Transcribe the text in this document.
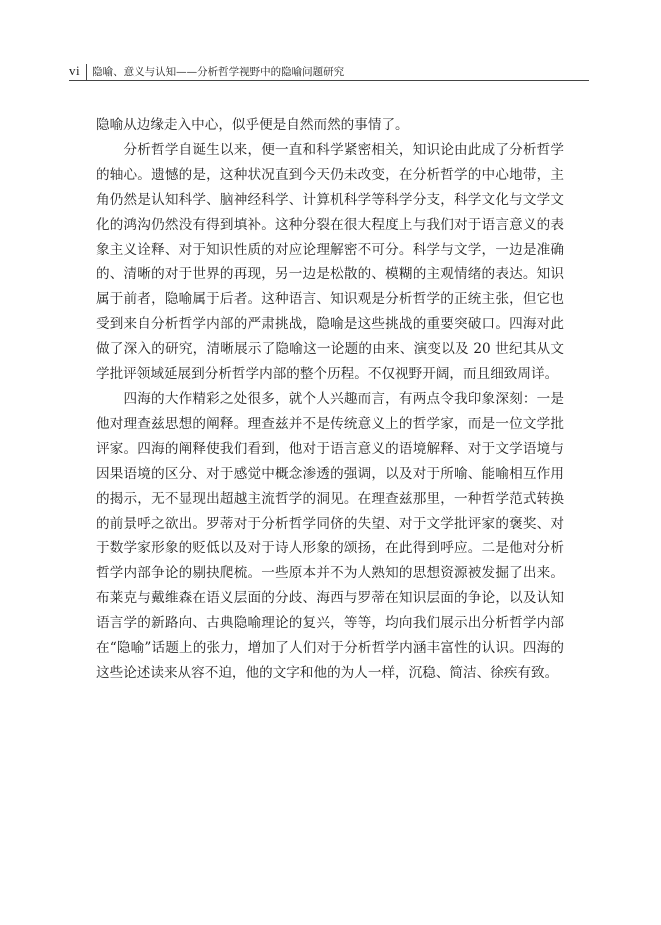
vi	隐喻、意义与认知——分析哲学视野中的隐喻问题研究

隐喻从边缘走入中心，似乎便是自然而然的事情了。

分析哲学自诞生以来，便一直和科学紧密相关，知识论由此成了分析哲学的轴心。遗憾的是，这种状况直到今天仍未改变，在分析哲学的中心地带，主角仍然是认知科学、脑神经科学、计算机科学等科学分支，科学文化与文学文化的鸿沟仍然没有得到填补。这种分裂在很大程度上与我们对于语言意义的表象主义诠释、对于知识性质的对应论理解密不可分。科学与文学，一边是准确的、清晰的对于世界的再现，另一边是松散的、模糊的主观情绪的表达。知识属于前者，隐喻属于后者。这种语言、知识观是分析哲学的正统主张，但它也受到来自分析哲学内部的严肃挑战，隐喻是这些挑战的重要突破口。四海对此做了深入的研究，清晰展示了隐喻这一论题的由来、演变以及 20 世纪其从文学批评领域延展到分析哲学内部的整个历程。不仅视野开阔，而且细致周详。

四海的大作精彩之处很多，就个人兴趣而言，有两点令我印象深刻：一是他对理查兹思想的阐释。理查兹并不是传统意义上的哲学家，而是一位文学批评家。四海的阐释使我们看到，他对于语言意义的语境解释、对于文学语境与因果语境的区分、对于感觉中概念渗透的强调，以及对于所喻、能喻相互作用的揭示，无不显现出超越主流哲学的洞见。在理查兹那里，一种哲学范式转换的前景呼之欲出。罗蒂对于分析哲学同侪的失望、对于文学批评家的褒奖、对于数学家形象的贬低以及对于诗人形象的颂扬，在此得到呼应。二是他对分析哲学内部争论的剔抉爬梳。一些原本并不为人熟知的思想资源被发掘了出来。布莱克与戴维森在语义层面的分歧、海西与罗蒂在知识层面的争论，以及认知语言学的新路向、古典隐喻理论的复兴，等等，均向我们展示出分析哲学内部在“隐喻”话题上的张力，增加了人们对于分析哲学内涵丰富性的认识。四海的这些论述读来从容不迫，他的文字和他的为人一样，沉稳、简洁、徐疾有致。
